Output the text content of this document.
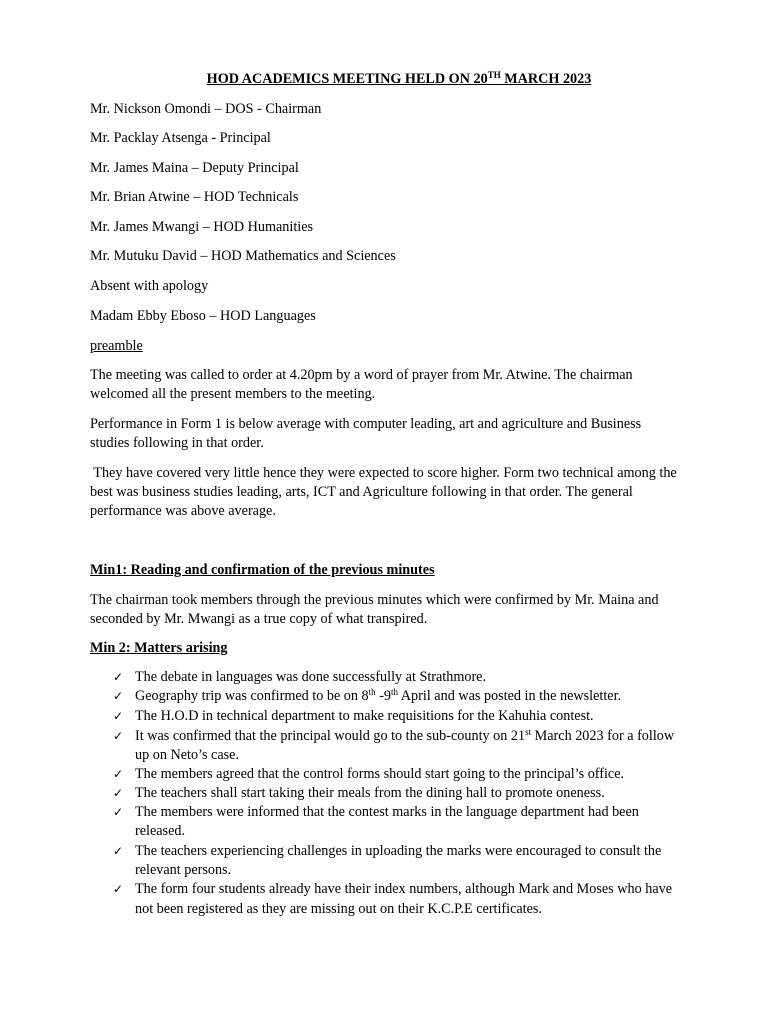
HOD ACADEMICS MEETING HELD ON 20TH MARCH 2023
Mr. Nickson Omondi – DOS - Chairman
Mr. Packlay Atsenga - Principal
Mr. James Maina – Deputy Principal
Mr. Brian Atwine – HOD Technicals
Mr. James Mwangi – HOD Humanities
Mr. Mutuku David – HOD Mathematics and Sciences
Absent with apology
Madam Ebby Eboso – HOD Languages
preamble
The meeting was called to order at 4.20pm by a word of prayer from Mr. Atwine. The chairman
welcomed all the present members to the meeting.
Performance in Form 1 is below average with computer leading, art and agriculture and Business
studies following in that order.
They have covered very little hence they were expected to score higher. Form two technical among the
best was business studies leading, arts, ICT and Agriculture following in that order. The general
performance was above average.
Min1: Reading and confirmation of the previous minutes
The chairman took members through the previous minutes which were confirmed by Mr. Maina and
seconded by Mr. Mwangi as a true copy of what transpired.
Min 2: Matters arising
✓ The debate in languages was done successfully at Strathmore.
✓ Geography trip was confirmed to be on 8th -9th April and was posted in the newsletter.
✓ The H.O.D in technical department to make requisitions for the Kahuhia contest.
✓ It was confirmed that the principal would go to the sub-county on 21st March 2023 for a follow
up on Neto’s case.
✓ The members agreed that the control forms should start going to the principal’s office.
✓ The teachers shall start taking their meals from the dining hall to promote oneness.
✓ The members were informed that the contest marks in the language department had been
released.
✓ The teachers experiencing challenges in uploading the marks were encouraged to consult the
relevant persons.
✓ The form four students already have their index numbers, although Mark and Moses who have
not been registered as they are missing out on their K.C.P.E certificates.
